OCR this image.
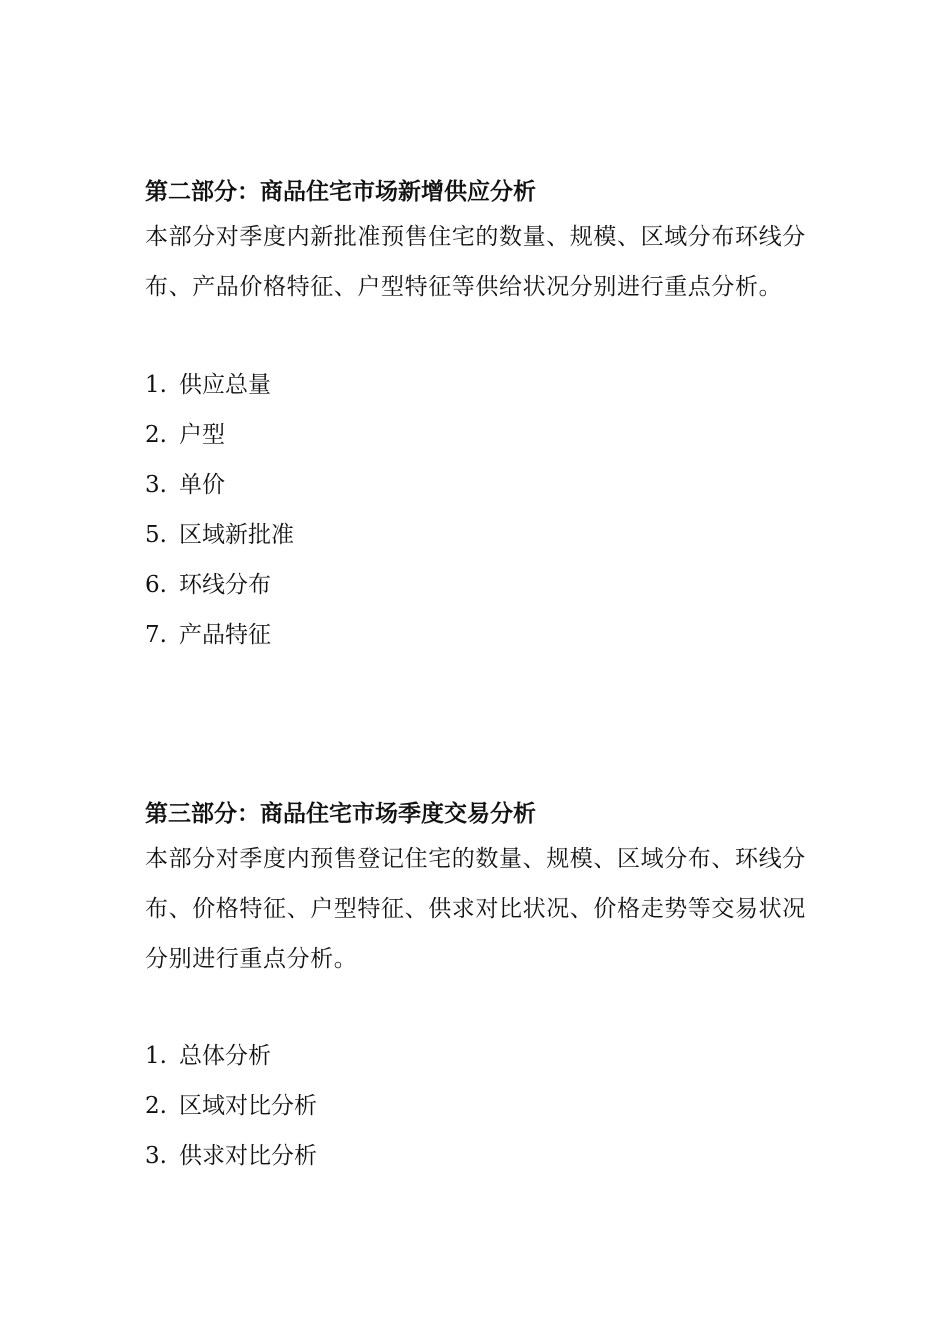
第二部分：商品住宅市场新增供应分析

本部分对季度内新批准预售住宅的数量、规模、区域分布环线分布、产品价格特征、户型特征等供给状况分别进行重点分析。

1. 供应总量
2. 户型
3. 单价
5. 区域新批准
6. 环线分布
7. 产品特征
第三部分：商品住宅市场季度交易分析

本部分对季度内预售登记住宅的数量、规模、区域分布、环线分布、价格特征、户型特征、供求对比状况、价格走势等交易状况分别进行重点分析。

1. 总体分析
2. 区域对比分析
3. 供求对比分析
